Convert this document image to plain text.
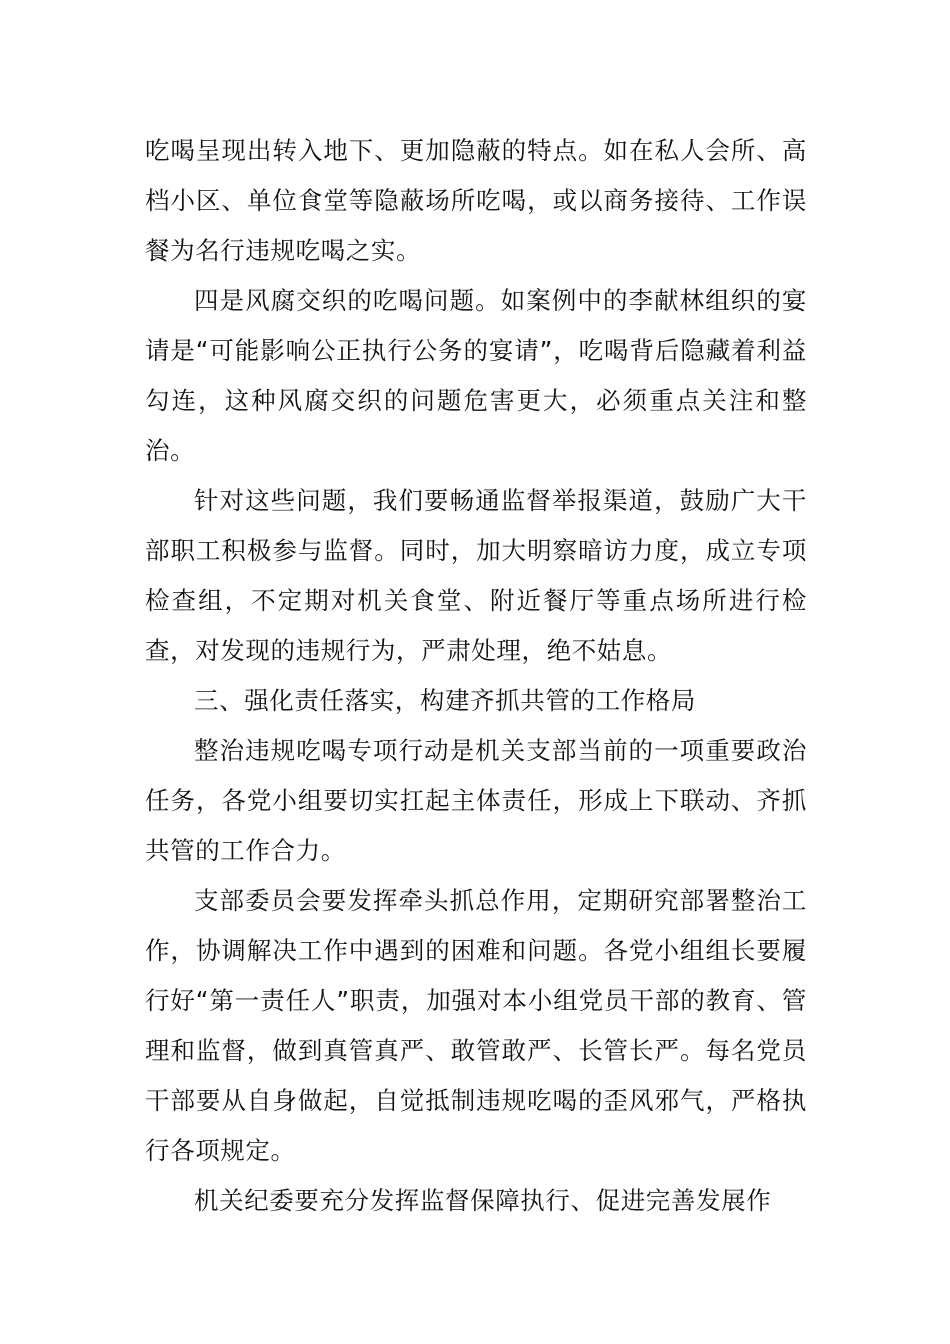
吃喝呈现出转入地下、更加隐蔽的特点。如在私人会所、高档小区、单位食堂等隐蔽场所吃喝，或以商务接待、工作误餐为名行违规吃喝之实。

四是风腐交织的吃喝问题。如案例中的李献林组织的宴请是“可能影响公正执行公务的宴请”，吃喝背后隐藏着利益勾连，这种风腐交织的问题危害更大，必须重点关注和整治。

针对这些问题，我们要畅通监督举报渠道，鼓励广大干部职工积极参与监督。同时，加大明察暗访力度，成立专项检查组，不定期对机关食堂、附近餐厅等重点场所进行检查，对发现的违规行为，严肃处理，绝不姑息。

三、强化责任落实，构建齐抓共管的工作格局

整治违规吃喝专项行动是机关支部当前的一项重要政治任务，各党小组要切实扛起主体责任，形成上下联动、齐抓共管的工作合力。

支部委员会要发挥牵头抓总作用，定期研究部署整治工作，协调解决工作中遇到的困难和问题。各党小组组长要履行好“第一责任人”职责，加强对本小组党员干部的教育、管理和监督，做到真管真严、敢管敢严、长管长严。每名党员干部要从自身做起，自觉抵制违规吃喝的歪风邪气，严格执行各项规定。

机关纪委要充分发挥监督保障执行、促进完善发展作
